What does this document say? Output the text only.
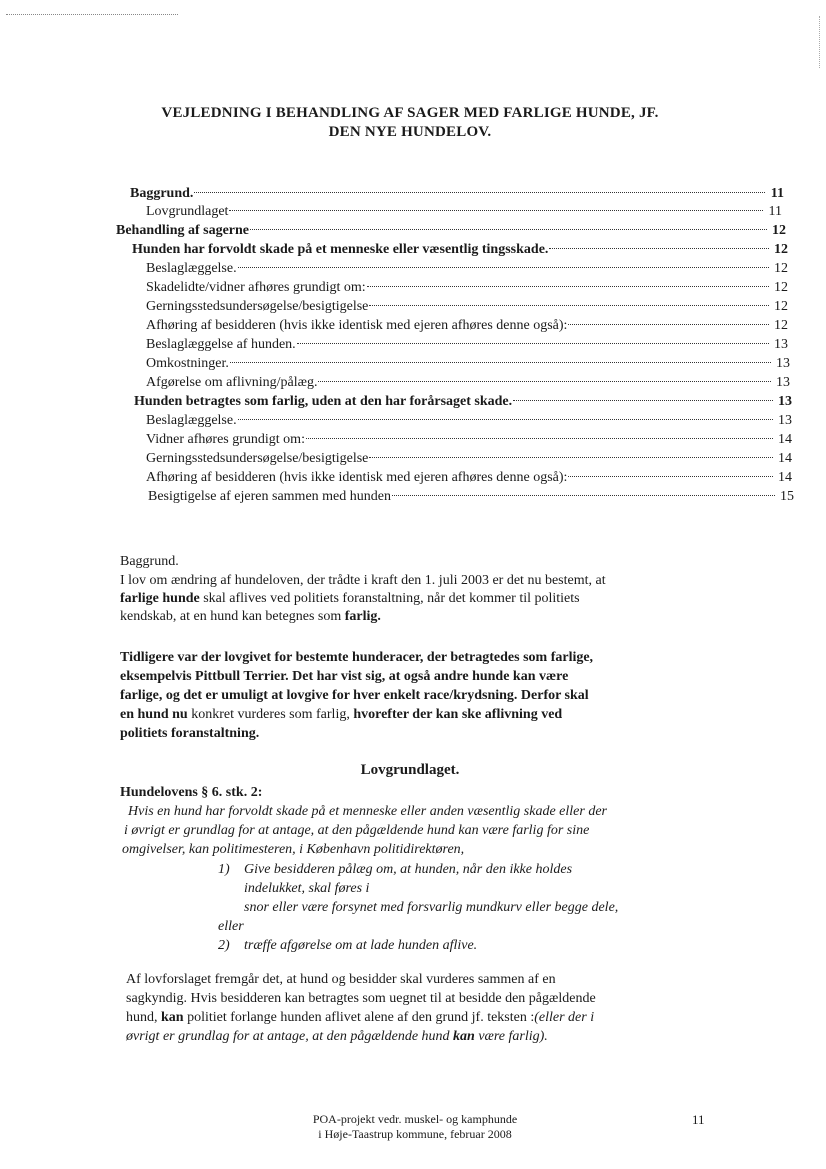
VEJLEDNING I BEHANDLING AF SAGER MED FARLIGE HUNDE, JF.
DEN NYE HUNDELOV.
Baggrund.	11
Lovgrundlaget	11
Behandling af sagerne	12
Hunden har forvoldt skade på et menneske eller væsentlig tingsskade.	12
Beslaglæggelse.	12
Skadelidte/vidner afhøres grundigt om:	12
Gerningsstedsundersøgelse/besigtigelse	12
Afhøring af besidderen (hvis ikke identisk med ejeren afhøres denne også):	12
Beslaglæggelse af hunden.	13
Omkostninger.	13
Afgørelse om aflivning/pålæg.	13
Hunden betragtes som farlig, uden at den har forårsaget skade.	13
Beslaglæggelse.	13
Vidner afhøres grundigt om:	14
Gerningsstedsundersøgelse/besigtigelse	14
Afhøring af besidderen (hvis ikke identisk med ejeren afhøres denne også):	14
Besigtigelse af ejeren sammen med hunden	15
Baggrund.
I lov om ændring af hundeloven, der trådte i kraft den 1. juli 2003 er det nu bestemt, at
farlige hunde skal aflives ved politiets foranstaltning, når det kommer til politiets
kendskab, at en hund kan betegnes som farlig.
Tidligere var der lovgivet for bestemte hunderacer, der betragtedes som farlige,
eksempelvis Pittbull Terrier. Det har vist sig, at også andre hunde kan være
farlige, og det er umuligt at lovgive for hver enkelt race/krydsning. Derfor skal
en hund nu konkret vurderes som farlig, hvorefter der kan ske aflivning ved
politiets foranstaltning.
Lovgrundlaget.
Hundelovens § 6. stk. 2:
Hvis en hund har forvoldt skade på et menneske eller anden væsentlig skade eller der
i øvrigt er grundlag for at antage, at den pågældende hund kan være farlig for sine
omgivelser, kan politimesteren, i København politidirektøren,
1) Give besidderen pålæg om, at hunden, når den ikke holdes
indelukket, skal føres i
snor eller være forsynet med forsvarlig mundkurv eller begge dele,
eller
2) træffe afgørelse om at lade hunden aflive.
Af lovforslaget fremgår det, at hund og besidder skal vurderes sammen af en
sagkyndig. Hvis besidderen kan betragtes som uegnet til at besidde den pågældende
hund, kan politiet forlange hunden aflivet alene af den grund jf. teksten :(eller der i
øvrigt er grundlag for at antage, at den pågældende hund kan være farlig).
POA-projekt vedr. muskel- og kamphunde
i Høje-Taastrup kommune, februar 2008
11
